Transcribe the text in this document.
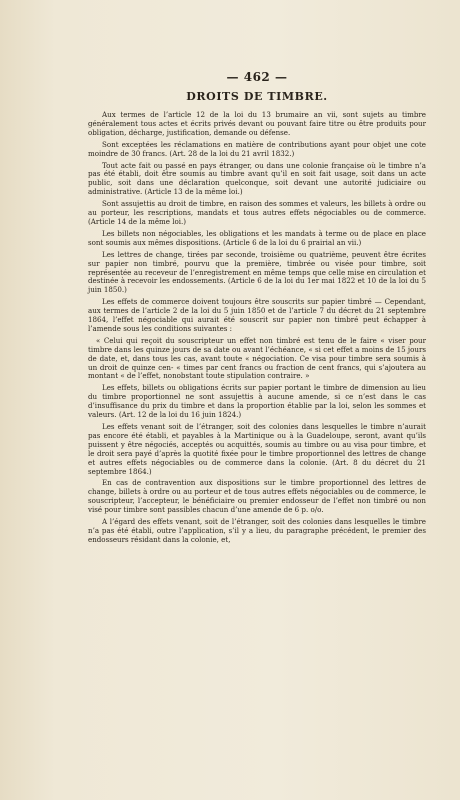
— 462 —
DROITS DE TIMBRE.

Aux termes de l’article 12 de la loi du 13 brumaire an vii, sont sujets au timbre généralement tous actes et écrits privés devant ou pouvant faire titre ou être produits pour obligation, décharge, justification, demande ou défense.

Sont exceptées les réclamations en matière de contributions ayant pour objet une cote moindre de 30 francs. (Art. 28 de la loi du 21 avril 1832.)

Tout acte fait ou passé en pays étranger, ou dans une colonie française où le timbre n’a pas été établi, doit être soumis au timbre avant qu’il en soit fait usage, soit dans un acte public, soit dans une déclaration quelconque, soit devant une autorité judiciaire ou administrative. (Article 13 de la même loi.)

Sont assujettis au droit de timbre, en raison des sommes et valeurs, les billets à ordre ou au porteur, les rescriptions, mandats et tous autres effets négociables ou de commerce. (Article 14 de la même loi.)

Les billets non négociables, les obligations et les mandats à terme ou de place en place sont soumis aux mêmes dispositions. (Article 6 de la loi du 6 prairial an vii.)

Les lettres de change, tirées par seconde, troisième ou quatrième, peuvent être écrites sur papier non timbré, pourvu que la première, timbrée ou visée pour timbre, soit représentée au receveur de l’enregistrement en même temps que celle mise en circulation et destinée à recevoir les endossements. (Article 6 de la loi du 1er mai 1822 et 10 de la loi du 5 juin 1850.)

Les effets de commerce doivent toujours être souscrits sur papier timbré — Cependant, aux termes de l’article 2 de la loi du 5 juin 1850 et de l’article 7 du décret du 21 septembre 1864, l’effet négociable qui aurait été souscrit sur papier non timbré peut échapper à l’amende sous les conditions suivantes :

« Celui qui reçoit du souscripteur un effet non timbré est tenu de le faire « viser pour timbre dans les quinze jours de sa date ou avant l’échéance, « si cet effet a moins de 15 jours de date, et, dans tous les cas, avant toute « négociation. Ce visa pour timbre sera soumis à un droit de quinze cen- « times par cent francs ou fraction de cent francs, qui s’ajoutera au montant « de l’effet, nonobstant toute stipulation contraire. »

Les effets, billets ou obligations écrits sur papier portant le timbre de dimension au lieu du timbre proportionnel ne sont assujettis à aucune amende, si ce n’est dans le cas d’insuffisance du prix du timbre et dans la proportion établie par la loi, selon les sommes et valeurs. (Art. 12 de la loi du 16 juin 1824.)

Les effets venant soit de l’étranger, soit des colonies dans lesquelles le timbre n’aurait pas encore été établi, et payables à la Martinique ou à la Guadeloupe, seront, avant qu’ils puissent y être négociés, acceptés ou acquittés, soumis au timbre ou au visa pour timbre, et le droit sera payé d’après la quotité fixée pour le timbre proportionnel des lettres de change et autres effets négociables ou de commerce dans la colonie. (Art. 8 du décret du 21 septembre 1864.)

En cas de contravention aux dispositions sur le timbre proportionnel des lettres de change, billets à ordre ou au porteur et de tous autres effets négociables ou de commerce, le souscripteur, l’accepteur, le bénéficiaire ou premier endosseur de l’effet non timbré ou non visé pour timbre sont passibles chacun d’une amende de 6 p. o/o.

A l’égard des effets venant, soit de l’étranger, soit des colonies dans lesquelles le timbre n’a pas été établi, outre l’application, s’il y a lieu, du paragraphe précédent, le premier des endosseurs résidant dans la colonie, et,
